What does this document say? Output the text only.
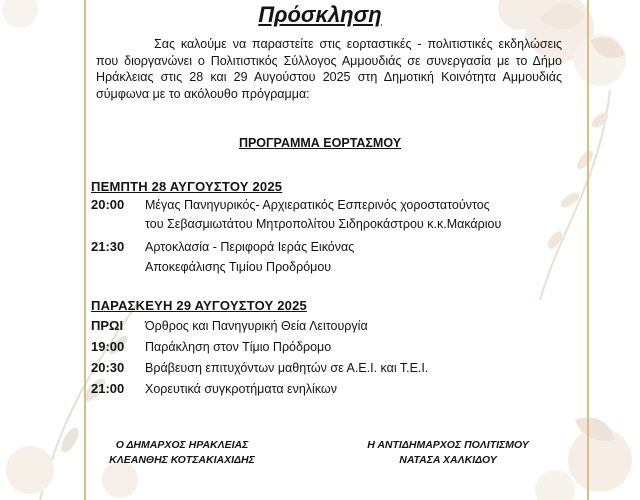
Πρόσκληση
Σας καλούμε να παραστείτε στις εορταστικές - πολιτιστικές εκδηλώσεις που διοργανώνει ο Πολιτιστικός Σύλλογος Αμμουδιάς σε συνεργασία με το Δήμο Ηράκλειας στις 28 και 29 Αυγούστου 2025 στη Δημοτική Κοινότητα Αμμουδιάς σύμφωνα με το ακόλουθο πρόγραμμα:
ΠΡΟΓΡΑΜΜΑ ΕΟΡΤΑΣΜΟΥ
ΠΕΜΠΤΗ 28 ΑΥΓΟΥΣΤΟΥ 2025
20:00 Μέγας Πανηγυρικός- Αρχιερατικός Εσπερινός χοροστατούντος
του Σεβασμιωτάτου Μητροπολίτου Σιδηροκάστρου κ.κ.Μακάριου
21:30 Αρτοκλασία - Περιφορά Ιεράς Εικόνας
Αποκεφάλισης Τιμίου Προδρόμου
ΠΑΡΑΣΚΕΥΗ 29 ΑΥΓΟΥΣΤΟΥ 2025
ΠΡΩΙ Όρθρος και Πανηγυρική Θεία Λειτουργία
19:00 Παράκληση στον Τίμιο Πρόδρομο
20:30 Βράβευση επιτυχόντων μαθητών σε Α.Ε.Ι. και Τ.Ε.Ι.
21:00 Χορευτικά συγκροτήματα ενηλίκων
Ο ΔΗΜΑΡΧΟΣ ΗΡΑΚΛΕΙΑΣ
ΚΛΕΑΝΘΗΣ ΚΟΤΣΑΚΙΑΧΙΔΗΣ
Η ΑΝΤΙΔΗΜΑΡΧΟΣ ΠΟΛΙΤΙΣΜΟΥ
ΝΑΤΑΣΑ ΧΑΛΚΙΔΟΥ
